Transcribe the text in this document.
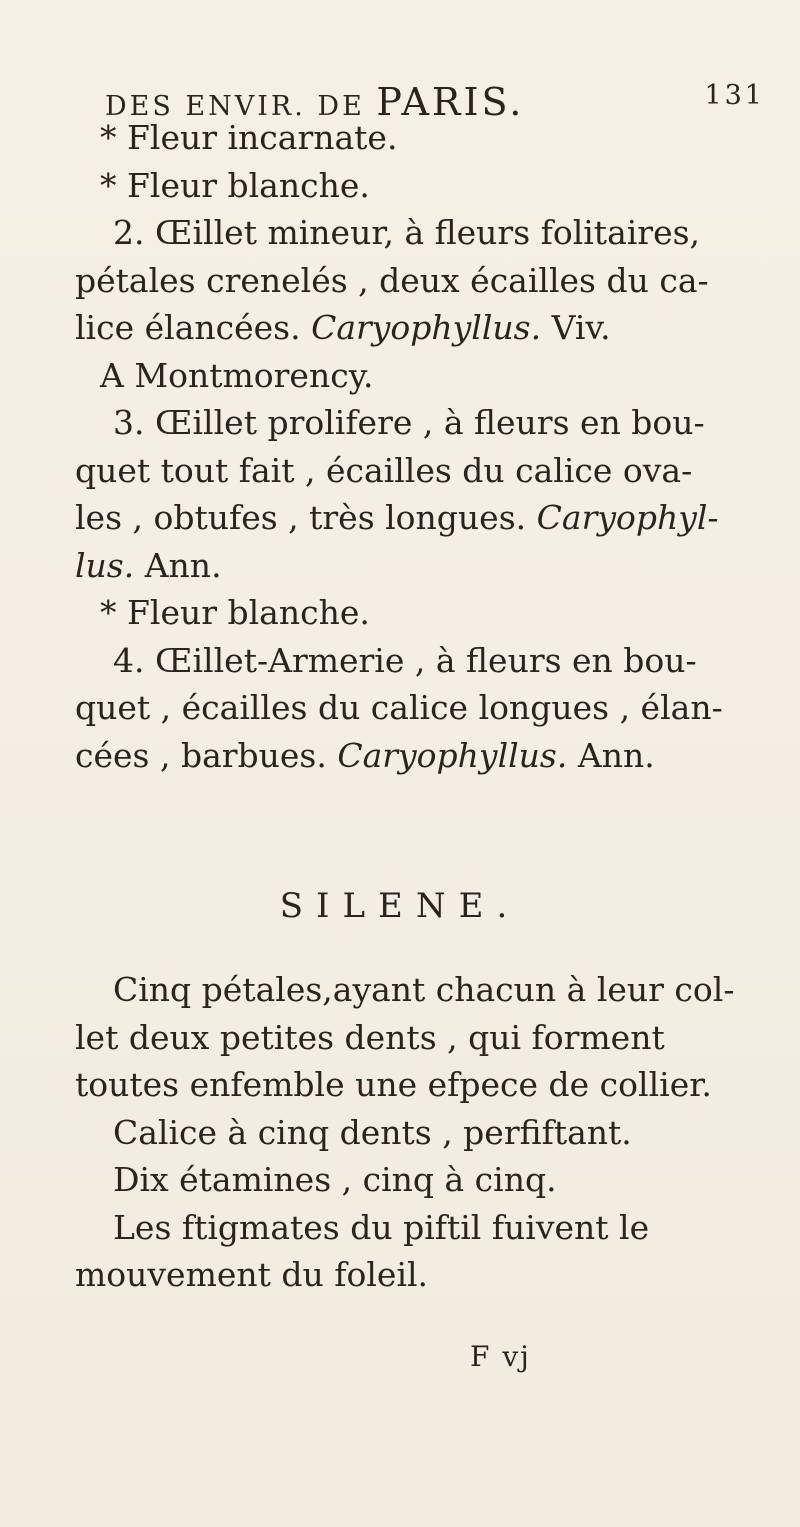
DES ENVIR. DE PARIS.	131
* Fleur incarnate.
* Fleur blanche.
2. Œillet mineur, à fleurs folitaires,
pétales crenelés , deux écailles du ca-
lice élancées. Caryophyllus. Viv.
A Montmorency.
3. Œillet prolifere , à fleurs en bou-
quet tout fait , écailles du calice ova-
les , obtufes , très longues. Caryophyl-
lus. Ann.
* Fleur blanche.
4. Œillet-Armerie , à fleurs en bou-
quet , écailles du calice longues , élan-
cées , barbues. Caryophyllus. Ann.
SILENE.
Cinq pétales,ayant chacun à leur col-
let deux petites dents , qui forment
toutes enfemble une efpece de collier.
Calice à cinq dents , perfiftant.
Dix étamines , cinq à cinq.
Les ftigmates du piftil fuivent le
mouvement du foleil.
F vj
